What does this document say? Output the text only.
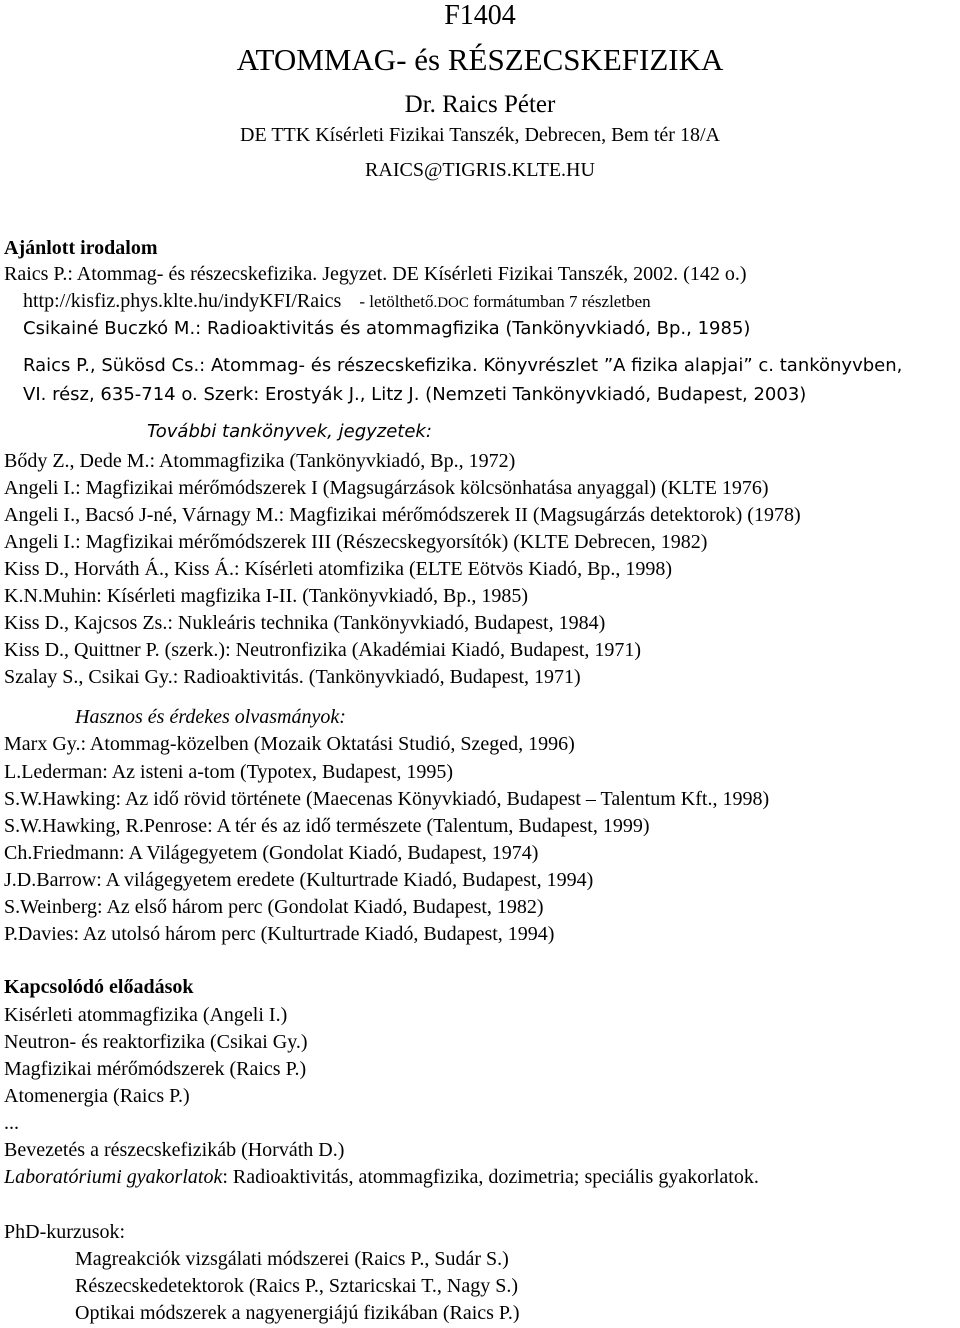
F1404
ATOMMAG- és RÉSZECSKEFIZIKA
Dr. Raics Péter
DE TTK Kísérleti Fizikai Tanszék, Debrecen, Bem tér 18/A
RAICS@TIGRIS.KLTE.HU
Ajánlott irodalom
Raics P.: Atommag- és részecskefizika. Jegyzet. DE Kísérleti Fizikai Tanszék, 2002. (142 o.)
http://kisfiz.phys.klte.hu/indyKFI/Raics - letölthető.DOC formátumban 7 részletben
Csikainé Buczkó M.: Radioaktivitás és atommagfizika (Tankönyvkiadó, Bp., 1985)
Raics P., Sükösd Cs.: Atommag- és részecskefizika. Könyvrészlet ”A fizika alapjai” c. tankönyvben,
VI. rész, 635-714 o. Szerk: Erostyák J., Litz J. (Nemzeti Tankönyvkiadó, Budapest, 2003)
További tankönyvek, jegyzetek:
Bődy Z., Dede M.: Atommagfizika (Tankönyvkiadó, Bp., 1972)
Angeli I.: Magfizikai mérőmódszerek I (Magsugárzások kölcsönhatása anyaggal) (KLTE 1976)
Angeli I., Bacsó J-né, Várnagy M.: Magfizikai mérőmódszerek II (Magsugárzás detektorok) (1978)
Angeli I.: Magfizikai mérőmódszerek III (Részecskegyorsítók) (KLTE Debrecen, 1982)
Kiss D., Horváth Á., Kiss Á.: Kísérleti atomfizika (ELTE Eötvös Kiadó, Bp., 1998)
K.N.Muhin: Kísérleti magfizika I-II. (Tankönyvkiadó, Bp., 1985)
Kiss D., Kajcsos Zs.: Nukleáris technika (Tankönyvkiadó, Budapest, 1984)
Kiss D., Quittner P. (szerk.): Neutronfizika (Akadémiai Kiadó, Budapest, 1971)
Szalay S., Csikai Gy.: Radioaktivitás. (Tankönyvkiadó, Budapest, 1971)
Hasznos és érdekes olvasmányok:
Marx Gy.: Atommag-közelben (Mozaik Oktatási Studió, Szeged, 1996)
L.Lederman: Az isteni a-tom (Typotex, Budapest, 1995)
S.W.Hawking: Az idő rövid története (Maecenas Könyvkiadó, Budapest – Talentum Kft., 1998)
S.W.Hawking, R.Penrose: A tér és az idő természete (Talentum, Budapest, 1999)
Ch.Friedmann: A Világegyetem (Gondolat Kiadó, Budapest, 1974)
J.D.Barrow: A világegyetem eredete (Kulturtrade Kiadó, Budapest, 1994)
S.Weinberg: Az első három perc (Gondolat Kiadó, Budapest, 1982)
P.Davies: Az utolsó három perc (Kulturtrade Kiadó, Budapest, 1994)
Kapcsolódó előadások
Kisérleti atommagfizika (Angeli I.)
Neutron- és reaktorfizika (Csikai Gy.)
Magfizikai mérőmódszerek (Raics P.)
Atomenergia (Raics P.)
...
Bevezetés a részecskefizikáb (Horváth D.)
Laboratóriumi gyakorlatok: Radioaktivitás, atommagfizika, dozimetria; speciális gyakorlatok.
PhD-kurzusok:
Magreakciók vizsgálati módszerei (Raics P., Sudár S.)
Részecskedetektorok (Raics P., Sztaricskai T., Nagy S.)
Optikai módszerek a nagyenergiájú fizikában (Raics P.)
